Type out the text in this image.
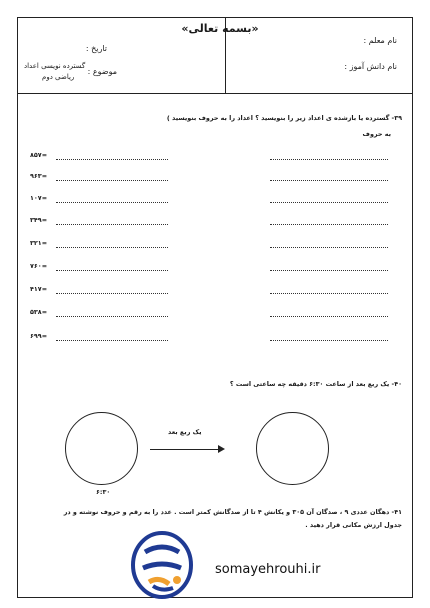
«بسمه تعالی»
نام معلم :
تاریخ :
نام دانش آموز :
موضوع :
گسترده نویسی اعداد
ریاضی دوم
۳۹- گسترده یا بازشده ی اعداد زیر را بنویسید ؟ اعداد را به حروف بنویسید )
به حروف
۸۵۷=
۹۶۳=
۱۰۷=
۳۴۹=
۳۲۱=
۷۶۰=
۴۱۷=
۵۳۸=
۶۹۹=
۴۰- یک ربع بعد از ساعت ۶:۳۰ دقیقه چه ساعتی است ؟
یک ربع بعد
۶:۳۰
۴۱- دهگان عددی ۹ ، صدگان آن ۳۰۵ و یکانش ۴ تا از صدگانش کمتر است . عدد را به رقم و حروف نوشته و در
جدول ارزش مکانی قرار دهید .
somayehrouhi.ir
